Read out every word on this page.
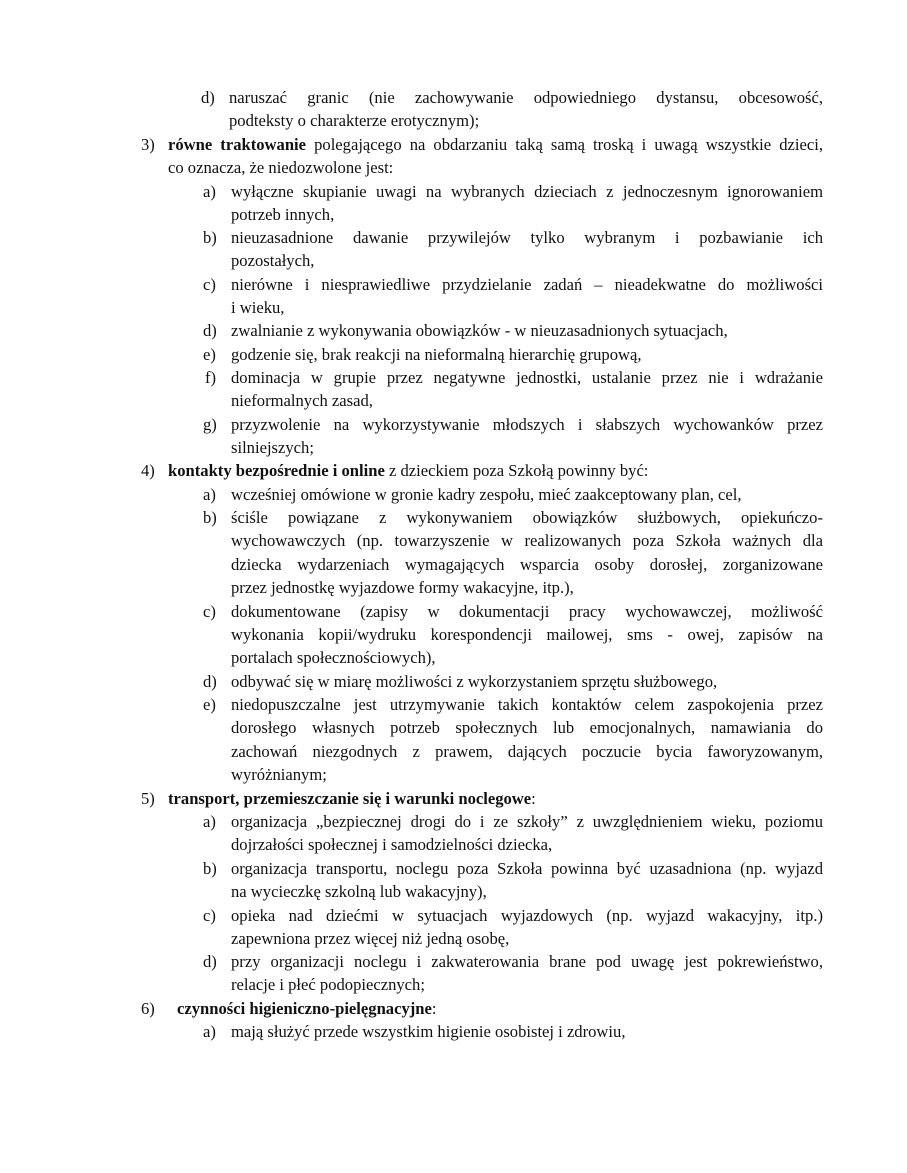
d) naruszać granic (nie zachowywanie odpowiedniego dystansu, obcesowość,
podteksty o charakterze erotycznym);
3) równe traktowanie polegającego na obdarzaniu taką samą troską i uwagą wszystkie dzieci,
co oznacza, że niedozwolone jest:
a) wyłączne skupianie uwagi na wybranych dzieciach z jednoczesnym ignorowaniem
potrzeb innych,
b) nieuzasadnione dawanie przywilejów tylko wybranym i pozbawianie ich
pozostałych,
c) nierówne i niesprawiedliwe przydzielanie zadań – nieadekwatne do możliwości
i wieku,
d) zwalnianie z wykonywania obowiązków - w nieuzasadnionych sytuacjach,
e) godzenie się, brak reakcji na nieformalną hierarchię grupową,
f) dominacja w grupie przez negatywne jednostki, ustalanie przez nie i wdrażanie
nieformalnych zasad,
g) przyzwolenie na wykorzystywanie młodszych i słabszych wychowanków przez
silniejszych;
4) kontakty bezpośrednie i online z dzieckiem poza Szkołą powinny być:
a) wcześniej omówione w gronie kadry zespołu, mieć zaakceptowany plan, cel,
b) ściśle powiązane z wykonywaniem obowiązków służbowych, opiekuńczo-
wychowawczych (np. towarzyszenie w realizowanych poza Szkoła ważnych dla
dziecka wydarzeniach wymagających wsparcia osoby dorosłej, zorganizowane
przez jednostkę wyjazdowe formy wakacyjne, itp.),
c) dokumentowane (zapisy w dokumentacji pracy wychowawczej, możliwość
wykonania kopii/wydruku korespondencji mailowej, sms - owej, zapisów na
portalach społecznościowych),
d) odbywać się w miarę możliwości z wykorzystaniem sprzętu służbowego,
e) niedopuszczalne jest utrzymywanie takich kontaktów celem zaspokojenia przez
dorosłego własnych potrzeb społecznych lub emocjonalnych, namawiania do
zachowań niezgodnych z prawem, dających poczucie bycia faworyzowanym,
wyróżnianym;
5) transport, przemieszczanie się i warunki noclegowe:
a) organizacja „bezpiecznej drogi do i ze szkoły” z uwzględnieniem wieku, poziomu
dojrzałości społecznej i samodzielności dziecka,
b) organizacja transportu, noclegu poza Szkoła powinna być uzasadniona (np. wyjazd
na wycieczkę szkolną lub wakacyjny),
c) opieka nad dziećmi w sytuacjach wyjazdowych (np. wyjazd wakacyjny, itp.)
zapewniona przez więcej niż jedną osobę,
d) przy organizacji noclegu i zakwaterowania brane pod uwagę jest pokrewieństwo,
relacje i płeć podopiecznych;
6) czynności higieniczno-pielęgnacyjne:
a) mają służyć przede wszystkim higienie osobistej i zdrowiu,
